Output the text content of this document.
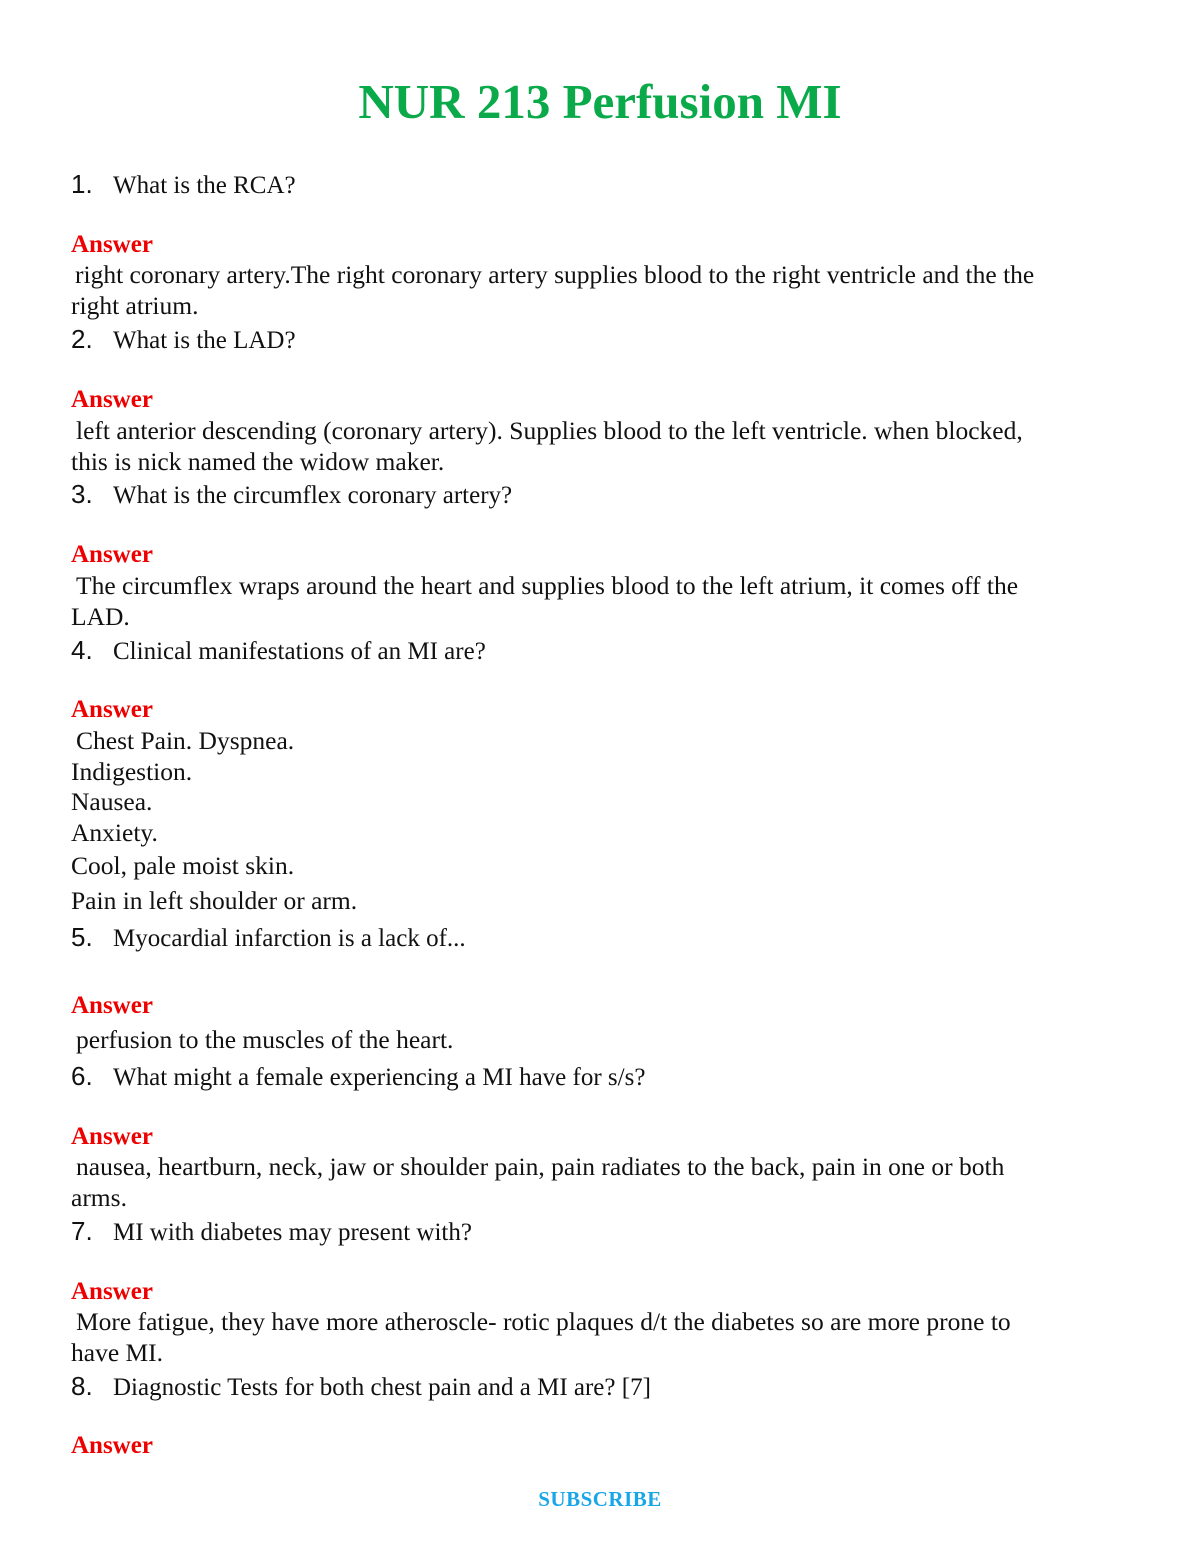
NUR 213 Perfusion MI
1. What is the RCA?
Answer
right coronary artery.The right coronary artery supplies blood to the right ventricle and the the
right atrium.
2. What is the LAD?
Answer
left anterior descending (coronary artery). Supplies blood to the left ventricle. when blocked,
this is nick named the widow maker.
3. What is the circumflex coronary artery?
Answer
The circumflex wraps around the heart and supplies blood to the left atrium, it comes off the
LAD.
4. Clinical manifestations of an MI are?
Answer
Chest Pain. Dyspnea.
Indigestion.
Nausea.
Anxiety.
Cool, pale moist skin.
Pain in left shoulder or arm.
5. Myocardial infarction is a lack of...
Answer
perfusion to the muscles of the heart.
6. What might a female experiencing a MI have for s/s?
Answer
nausea, heartburn, neck, jaw or shoulder pain, pain radiates to the back, pain in one or both
arms.
7. MI with diabetes may present with?
Answer
More fatigue, they have more atheroscle- rotic plaques d/t the diabetes so are more prone to
have MI.
8. Diagnostic Tests for both chest pain and a MI are? [7]
Answer
SUBSCRIBE
